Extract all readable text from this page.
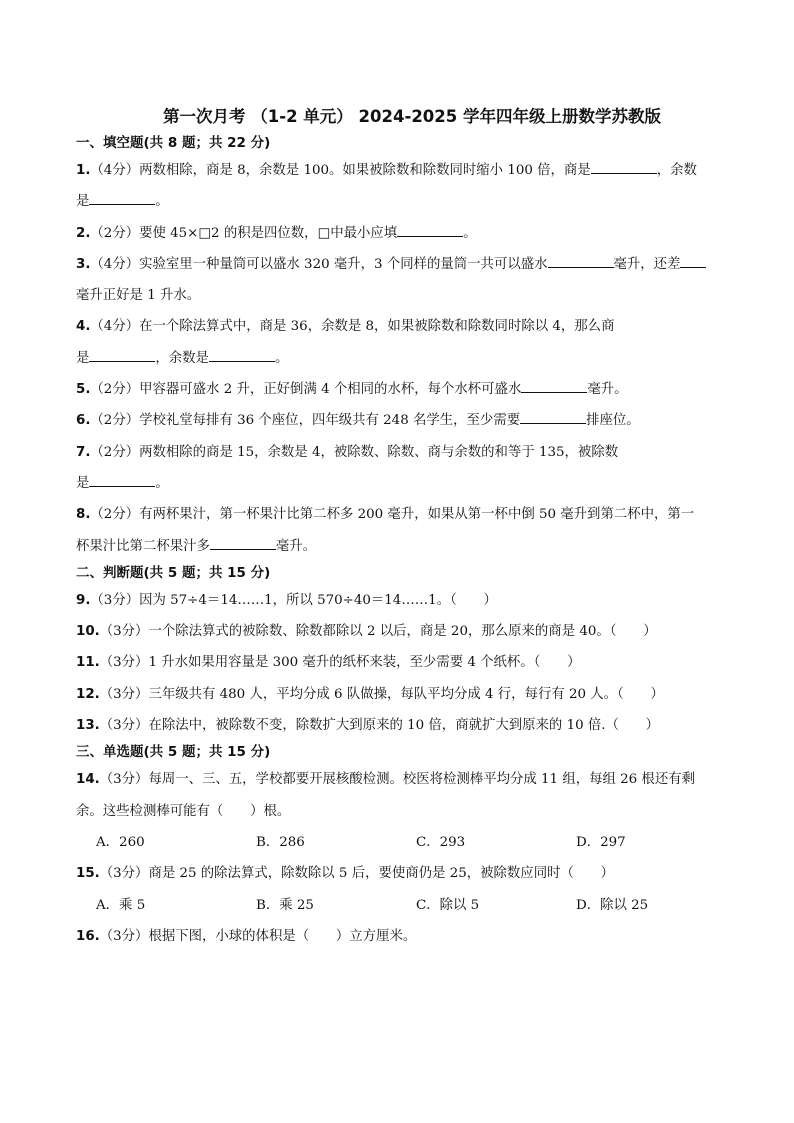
第一次月考 （1-2 单元） 2024-2025 学年四年级上册数学苏教版
一、填空题(共 8 题；共 22 分)
1.（4分）两数相除，商是 8，余数是 100。如果被除数和除数同时缩小 100 倍，商是	，余数
是	。
2.（2分）要使 45×□2 的积是四位数，□中最小应填	。
3.（4分）实验室里一种量筒可以盛水 320 毫升，3 个同样的量筒一共可以盛水	毫升，还差
毫升正好是 1 升水。
4.（4分）在一个除法算式中，商是 36，余数是 8，如果被除数和除数同时除以 4，那么商
是	，余数是	。
5.（2分）甲容器可盛水 2 升，正好倒满 4 个相同的水杯，每个水杯可盛水	毫升。
6.（2分）学校礼堂每排有 36 个座位，四年级共有 248 名学生，至少需要	排座位。
7.（2分）两数相除的商是 15，余数是 4，被除数、除数、商与余数的和等于 135，被除数
是	。
8.（2分）有两杯果汁，第一杯果汁比第二杯多 200 毫升，如果从第一杯中倒 50 毫升到第二杯中，第一
杯果汁比第二杯果汁多	毫升。
二、判断题(共 5 题；共 15 分)
9.（3分）因为 57÷4＝14……1，所以 570÷40＝14……1。（　　）
10.（3分）一个除法算式的被除数、除数都除以 2 以后，商是 20，那么原来的商是 40。（　　）
11.（3分）1 升水如果用容量是 300 毫升的纸杯来装，至少需要 4 个纸杯。（　　）
12.（3分）三年级共有 480 人，平均分成 6 队做操，每队平均分成 4 行，每行有 20 人。（　　）
13.（3分）在除法中，被除数不变，除数扩大到原来的 10 倍，商就扩大到原来的 10 倍.（　　）
三、单选题(共 5 题；共 15 分)
14.（3分）每周一、三、五，学校都要开展核酸检测。校医将检测棒平均分成 11 组，每组 26 根还有剩
余。这些检测棒可能有（　　）根。
A．260	B．286	C．293	D．297
15.（3分）商是 25 的除法算式，除数除以 5 后，要使商仍是 25，被除数应同时（　　）
A．乘 5	B．乘 25	C．除以 5	D．除以 25
16.（3分）根据下图，小球的体积是（　　）立方厘米。
